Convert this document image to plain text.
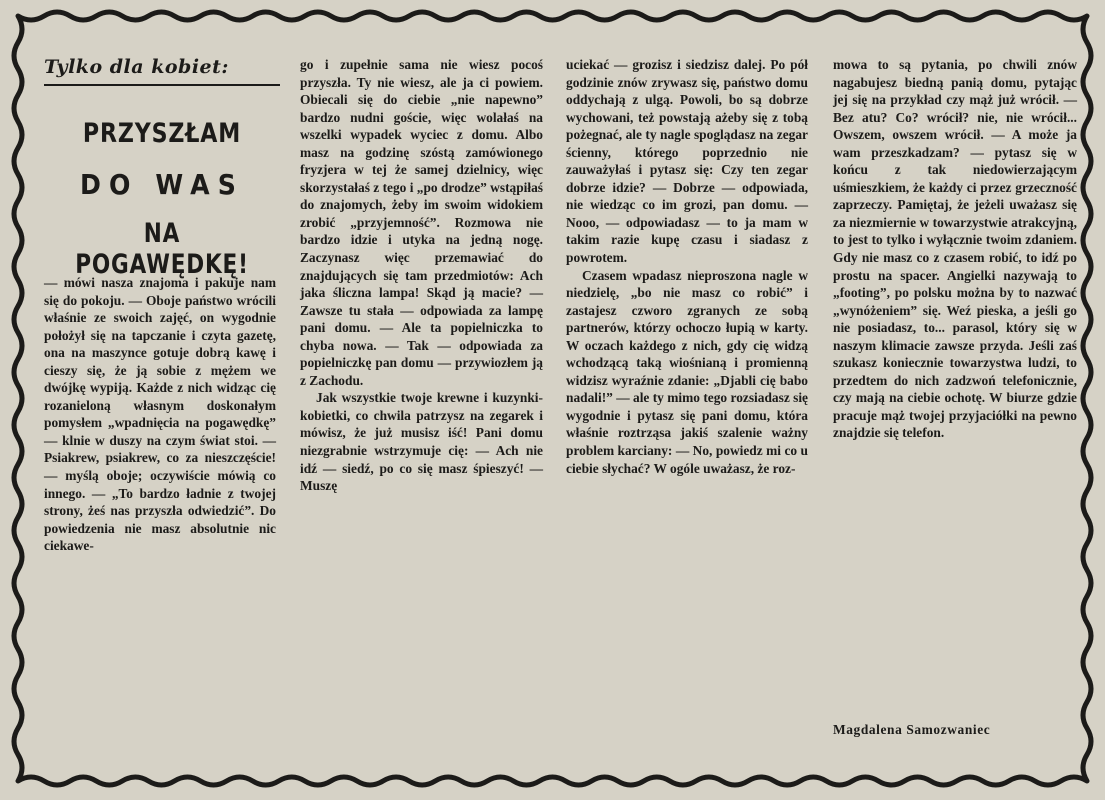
Tylko dla kobiet:
PRZYSZŁAM
DO WAS
NA POGAWĘDKĘ!

— mówi nasza znajoma i pakuje nam się do pokoju. — Oboje państwo wrócili właśnie ze swoich zajęć, on wygodnie położył się na tapczanie i czyta gazetę, ona na maszynce gotuje dobrą kawę i cieszy się, że ją sobie z mężem we dwójkę wypiją. Każde z nich widząc cię rozanieloną własnym doskonałym pomysłem „wpadnięcia na pogawędkę” — klnie w duszy na czym świat stoi. — Psiakrew, psiakrew, co za nieszczęście! — myślą oboje; oczywiście mówią co innego. — „To bardzo ładnie z twojej strony, żeś nas przyszła odwiedzić”. Do powiedzenia nie masz absolutnie nic ciekawe-

go i zupełnie sama nie wiesz pocoś przyszła. Ty nie wiesz, ale ja ci powiem. Obiecali się do ciebie „nie napewno” bardzo nudni goście, więc wolałaś na wszelki wypadek wyciec z domu. Albo masz na godzinę szóstą zamówionego fryzjera w tej że samej dzielnicy, więc skorzystałaś z tego i „po drodze” wstąpiłaś do znajomych, żeby im swoim widokiem zrobić „przyjemność”. Rozmowa nie bardzo idzie i utyka na jedną nogę. Zaczynasz więc przemawiać do znajdujących się tam przedmiotów: Ach jaka śliczna lampa! Skąd ją macie? — Zawsze tu stała — odpowiada za lampę pani domu. — Ale ta popielniczka to chyba nowa. — Tak — odpowiada za popielniczkę pan domu — przywiozłem ją z Zachodu.

Jak wszystkie twoje krewne i kuzynki-kobietki, co chwila patrzysz na zegarek i mówisz, że już musisz iść! Pani domu niezgrabnie wstrzymuje cię: — Ach nie idź — siedź, po co się masz śpieszyć! — Muszę

uciekać — grozisz i siedzisz dalej. Po pół godzinie znów zrywasz się, państwo domu oddychają z ulgą. Powoli, bo są dobrze wychowani, też powstają ażeby się z tobą pożegnać, ale ty nagle spoglądasz na zegar ścienny, którego poprzednio nie zauważyłaś i pytasz się: Czy ten zegar dobrze idzie? — Dobrze — odpowiada, nie wiedząc co im grozi, pan domu. — Nooo, — odpowiadasz — to ja mam w takim razie kupę czasu i siadasz z powrotem.

Czasem wpadasz nieproszona nagle w niedzielę, „bo nie masz co robić” i zastajesz czworo zgranych ze sobą partnerów, którzy ochoczo łupią w karty. W oczach każdego z nich, gdy cię widzą wchodzącą taką wiośnianą i promienną widzisz wyraźnie zdanie: „Djabli cię babo nadali!” — ale ty mimo tego rozsiadasz się wygodnie i pytasz się pani domu, która właśnie roztrząsa jakiś szalenie ważny problem karciany: — No, powiedz mi co u ciebie słychać? W ogóle uważasz, że roz-

mowa to są pytania, po chwili znów nagabujesz biedną panią domu, pytając jej się na przykład czy mąż już wrócił. — Bez atu? Co? wrócił? nie, nie wrócił... Owszem, owszem wrócił. — A może ja wam przeszkadzam? — pytasz się w końcu z tak niedowierzającym uśmieszkiem, że każdy ci przez grzeczność zaprzeczy. Pamiętaj, że jeżeli uważasz się za niezmiernie w towarzystwie atrakcyjną, to jest to tylko i wyłącznie twoim zdaniem. Gdy nie masz co z czasem robić, to idź po prostu na spacer. Angielki nazywają to „footing”, po polsku można by to nazwać „wynóżeniem” się. Weź pieska, a jeśli go nie posiadasz, to... parasol, który się w naszym klimacie zawsze przyda. Jeśli zaś szukasz koniecznie towarzystwa ludzi, to przedtem do nich zadzwoń telefonicznie, czy mają na ciebie ochotę. W biurze gdzie pracuje mąż twojej przyjaciółki na pewno znajdzie się telefon.

Magdalena Samozwaniec
